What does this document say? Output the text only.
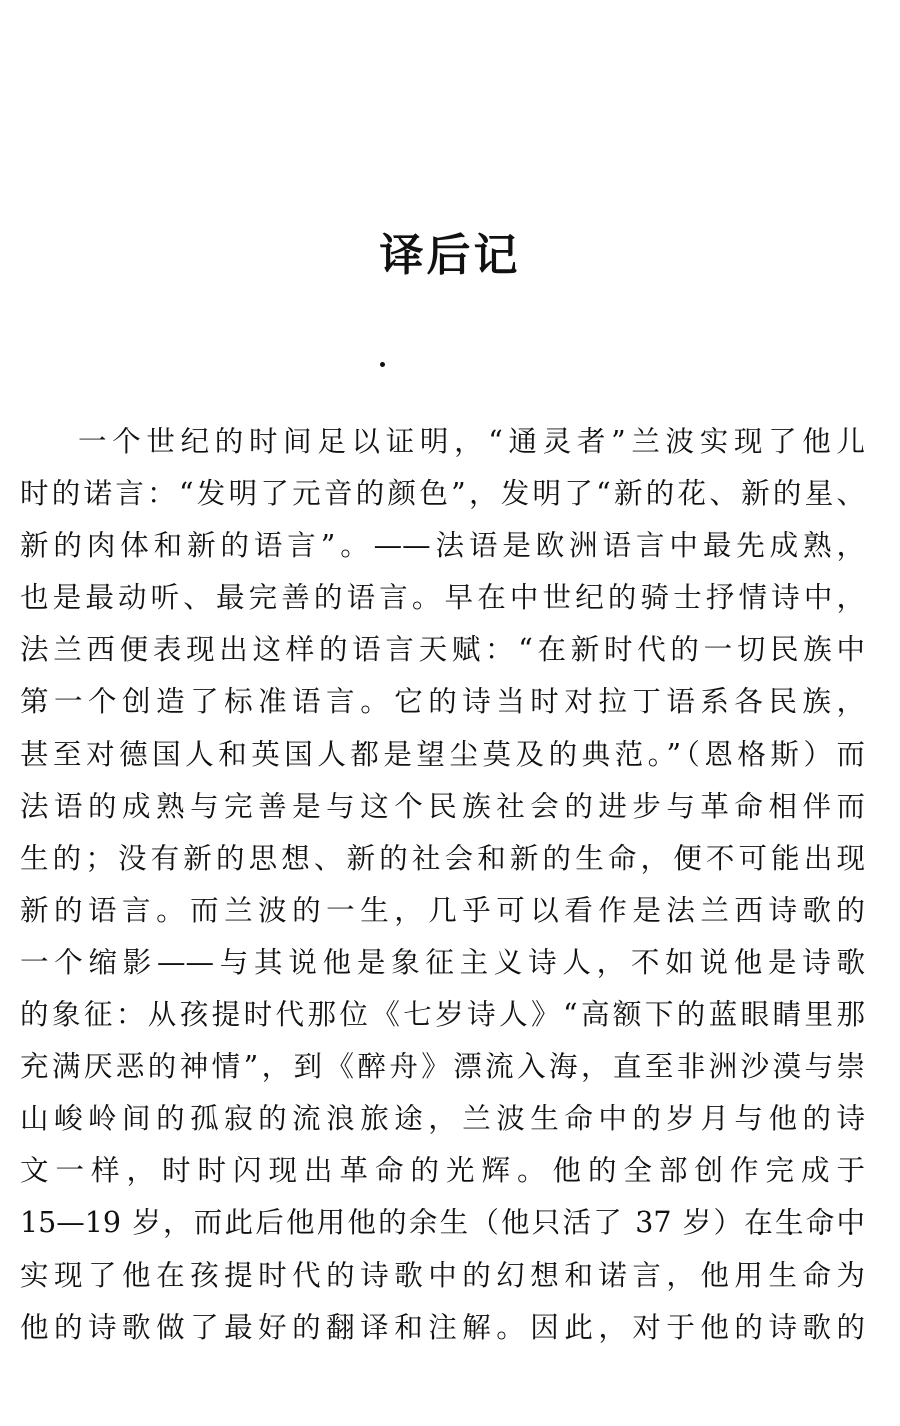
译后记
一个世纪的时间足以证明，“通灵者”兰波实现了他儿
时的诺言：“发明了元音的颜色”，发明了“新的花、新的星、
新的肉体和新的语言”。——法语是欧洲语言中最先成熟，
也是最动听、最完善的语言。早在中世纪的骑士抒情诗中，
法兰西便表现出这样的语言天赋：“在新时代的一切民族中
第一个创造了标准语言。它的诗当时对拉丁语系各民族，
甚至对德国人和英国人都是望尘莫及的典范。”（恩格斯）而
法语的成熟与完善是与这个民族社会的进步与革命相伴而
生的；没有新的思想、新的社会和新的生命，便不可能出现
新的语言。而兰波的一生，几乎可以看作是法兰西诗歌的
一个缩影——与其说他是象征主义诗人，不如说他是诗歌
的象征：从孩提时代那位《七岁诗人》“高额下的蓝眼睛里那
充满厌恶的神情”，到《醉舟》漂流入海，直至非洲沙漠与崇
山峻岭间的孤寂的流浪旅途，兰波生命中的岁月与他的诗
文一样，时时闪现出革命的光辉。他的全部创作完成于
15—19 岁，而此后他用他的余生（他只活了 37 岁）在生命中
实现了他在孩提时代的诗歌中的幻想和诺言，他用生命为
他的诗歌做了最好的翻译和注解。因此，对于他的诗歌的
